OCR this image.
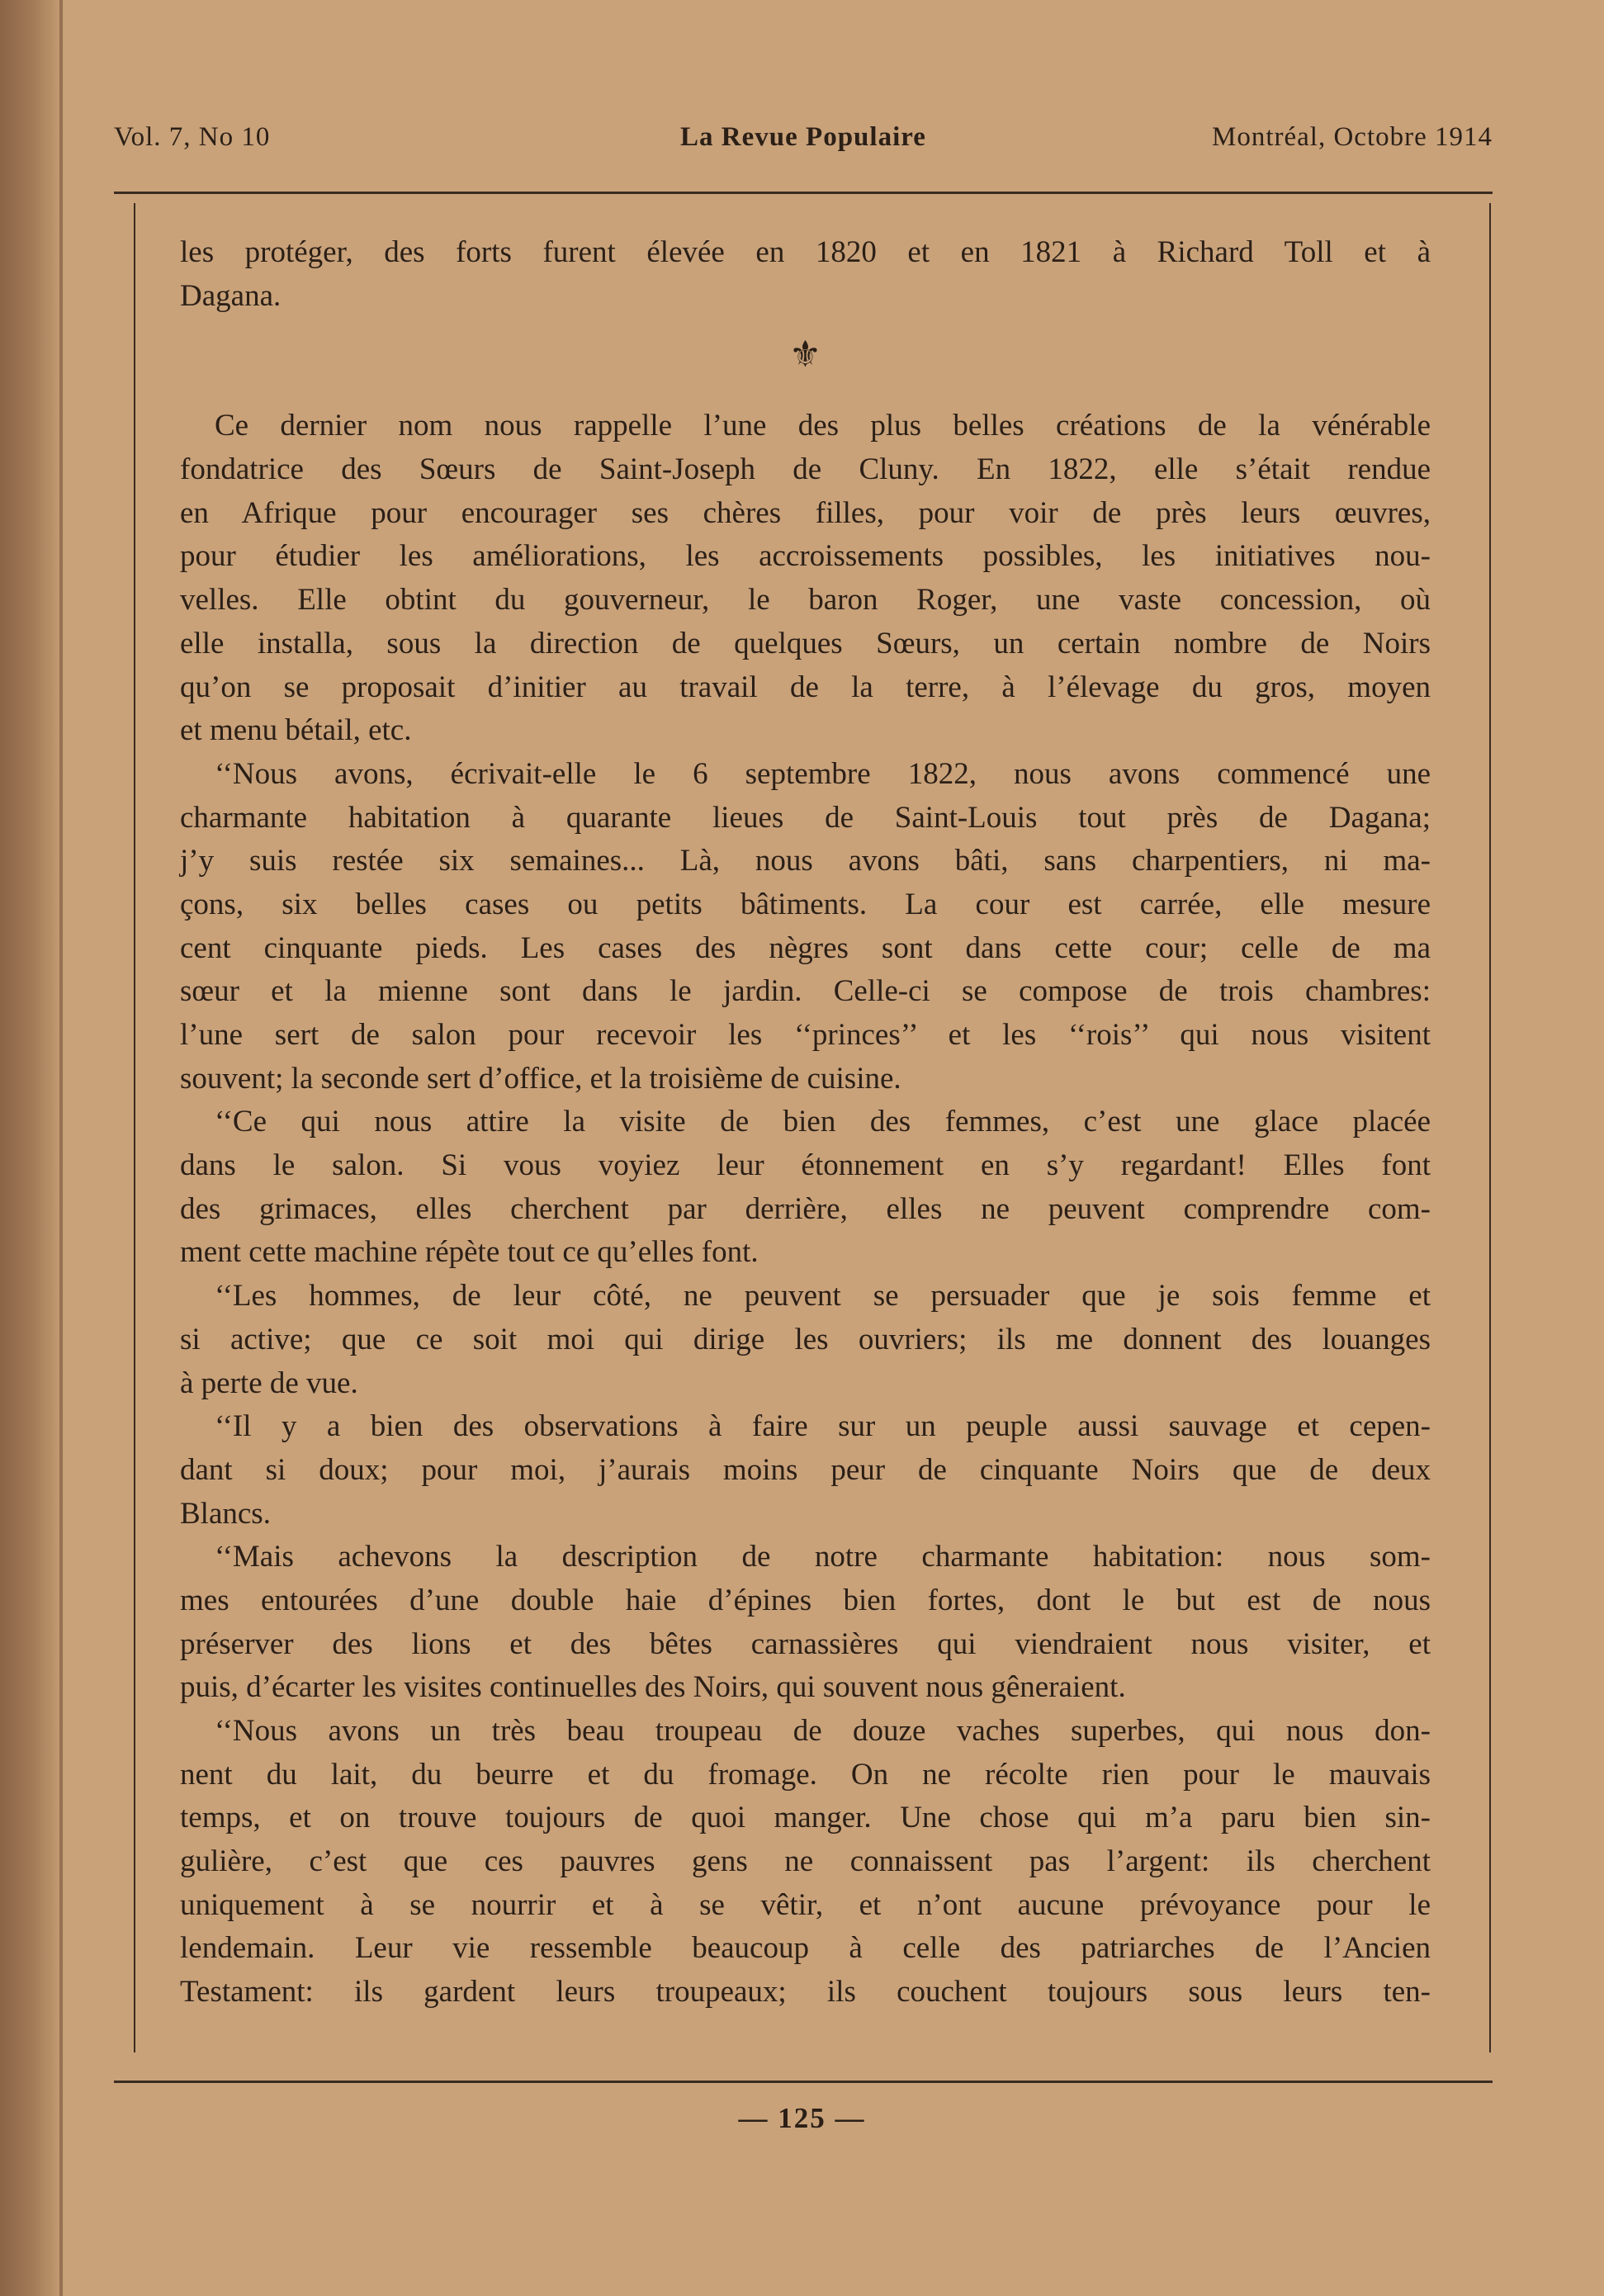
La Revue Populaire
Vol. 7, No 10	Montréal, Octobre 1914
les protéger, des forts furent élevée en 1820 et en 1821 à Richard Toll et à
Dagana.
⚜
Ce dernier nom nous rappelle l’une des plus belles créations de la vénérable
fondatrice des Sœurs de Saint-Joseph de Cluny. En 1822, elle s’était rendue
en Afrique pour encourager ses chères filles, pour voir de près leurs œuvres,
pour étudier les améliorations, les accroissements possibles, les initiatives nou-
velles. Elle obtint du gouverneur, le baron Roger, une vaste concession, où
elle installa, sous la direction de quelques Sœurs, un certain nombre de Noirs
qu’on se proposait d’initier au travail de la terre, à l’élevage du gros, moyen
et menu bétail, etc.
‘‘Nous avons, écrivait-elle le 6 septembre 1822, nous avons commencé une
charmante habitation à quarante lieues de Saint-Louis tout près de Dagana;
j’y suis restée six semaines... Là, nous avons bâti, sans charpentiers, ni ma-
çons, six belles cases ou petits bâtiments. La cour est carrée, elle mesure
cent cinquante pieds. Les cases des nègres sont dans cette cour; celle de ma
sœur et la mienne sont dans le jardin. Celle-ci se compose de trois chambres:
l’une sert de salon pour recevoir les ‘‘princes’’ et les ‘‘rois’’ qui nous visitent
souvent; la seconde sert d’office, et la troisième de cuisine.
‘‘Ce qui nous attire la visite de bien des femmes, c’est une glace placée
dans le salon. Si vous voyiez leur étonnement en s’y regardant! Elles font
des grimaces, elles cherchent par derrière, elles ne peuvent comprendre com-
ment cette machine répète tout ce qu’elles font.
‘‘Les hommes, de leur côté, ne peuvent se persuader que je sois femme et
si active; que ce soit moi qui dirige les ouvriers; ils me donnent des louanges
à perte de vue.
‘‘Il y a bien des observations à faire sur un peuple aussi sauvage et cepen-
dant si doux; pour moi, j’aurais moins peur de cinquante Noirs que de deux
Blancs.
‘‘Mais achevons la description de notre charmante habitation: nous som-
mes entourées d’une double haie d’épines bien fortes, dont le but est de nous
préserver des lions et des bêtes carnassières qui viendraient nous visiter, et
puis, d’écarter les visites continuelles des Noirs, qui souvent nous gêneraient.
‘‘Nous avons un très beau troupeau de douze vaches superbes, qui nous don-
nent du lait, du beurre et du fromage. On ne récolte rien pour le mauvais
temps, et on trouve toujours de quoi manger. Une chose qui m’a paru bien sin-
gulière, c’est que ces pauvres gens ne connaissent pas l’argent: ils cherchent
uniquement à se nourrir et à se vêtir, et n’ont aucune prévoyance pour le
lendemain. Leur vie ressemble beaucoup à celle des patriarches de l’Ancien
Testament: ils gardent leurs troupeaux; ils couchent toujours sous leurs ten-
— 125 —
